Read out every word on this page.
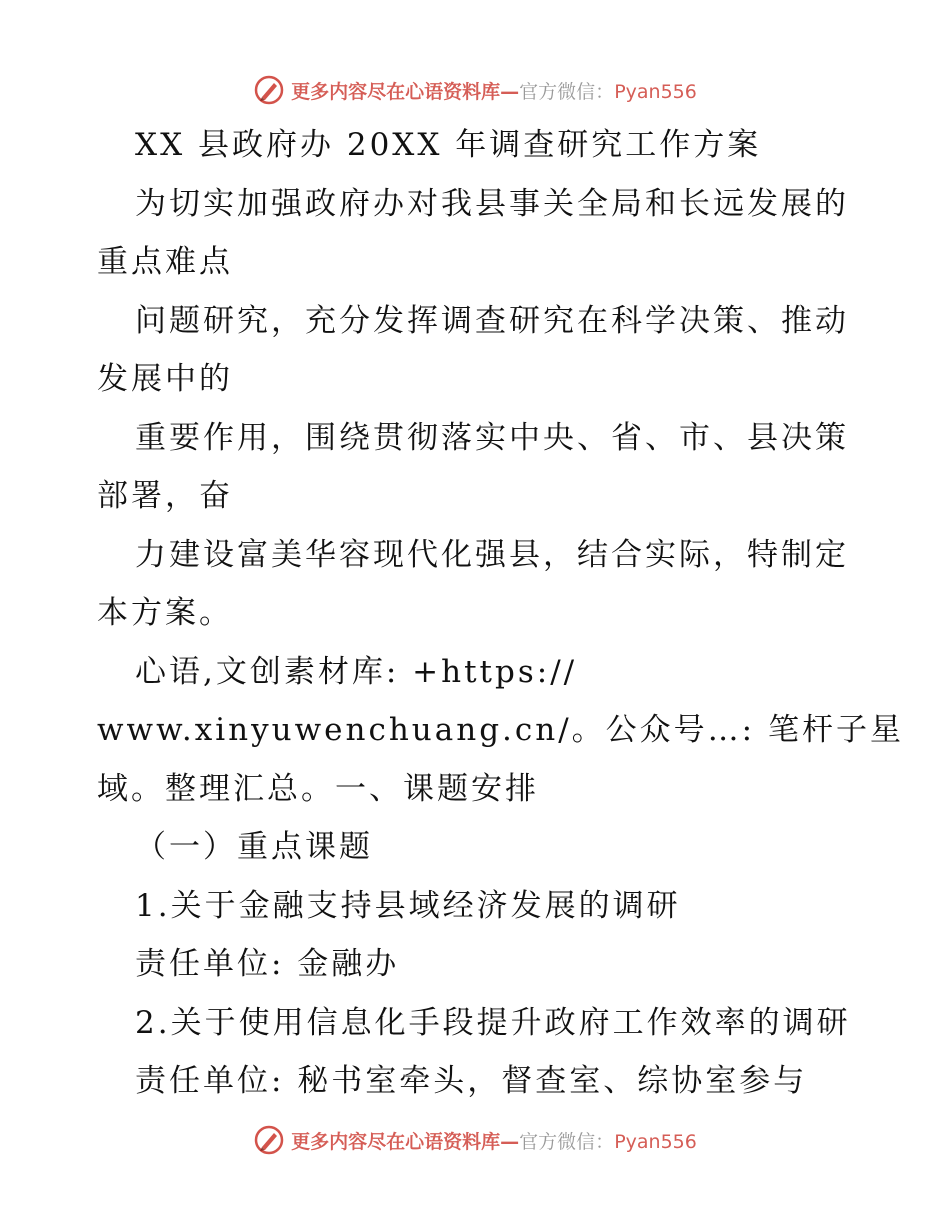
更多内容尽在心语资料库—官方微信：Pyan556
XX 县政府办 20XX 年调查研究工作方案
为切实加强政府办对我县事关全局和长远发展的
重点难点
问题研究，充分发挥调查研究在科学决策、推动
发展中的
重要作用，围绕贯彻落实中央、省、市、县决策
部署，奋
力建设富美华容现代化强县，结合实际，特制定
本方案。
心语,文创素材库: +https://
www.xinyuwenchuang.cn/。公众号…: 笔杆子星
域。整理汇总。一、课题安排
（一）重点课题
1.关于金融支持县域经济发展的调研
责任单位: 金融办
2.关于使用信息化手段提升政府工作效率的调研
责任单位: 秘书室牵头，督查室、综协室参与
更多内容尽在心语资料库—官方微信：Pyan556
